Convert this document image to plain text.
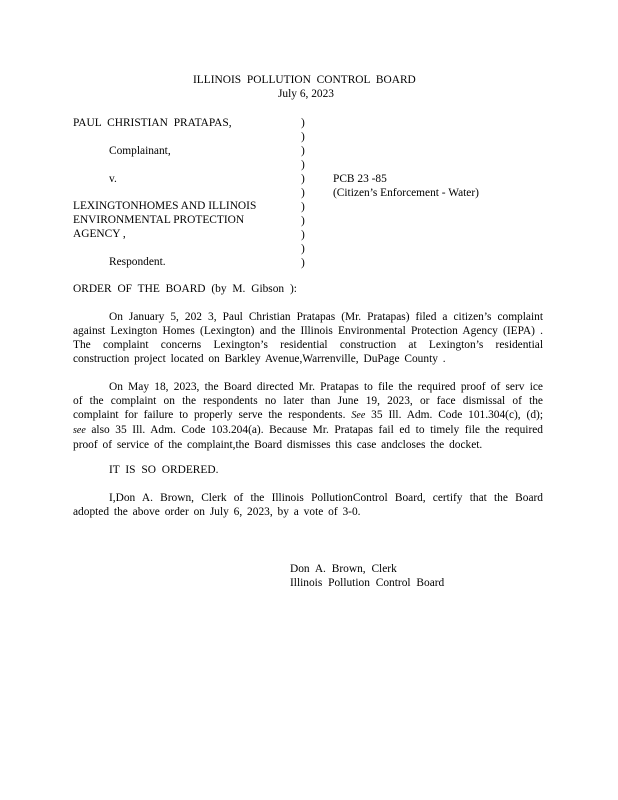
ILLINOIS POLLUTION CONTROL BOARD
July 6, 2023
PAUL CHRISTIAN PRATAPAS,
Complainant,
v.
LEXINGTONHOMES AND ILLINOIS
ENVIRONMENTAL PROTECTION
AGENCY ,
Respondent.
)
)
)
)
)
)
)
)
)
)
)
PCB 23 -85
(Citizen’s Enforcement - Water)
ORDER OF THE BOARD (by M. Gibson ):
On January 5, 202 3, Paul Christian Pratapas (Mr. Pratapas) filed a citizen’s complaint against Lexington Homes (Lexington) and the Illinois Environmental Protection Agency (IEPA) . The complaint concerns Lexington’s residential construction at Lexington’s residential construction project located on Barkley Avenue,Warrenville, DuPage County .
On May 18, 2023, the Board directed Mr. Pratapas to file the required proof of serv ice of the complaint on the respondents no later than June 19, 2023, or face dismissal of the complaint for failure to properly serve the respondents. See 35 Ill. Adm. Code 101.304(c), (d); see also 35 Ill. Adm. Code 103.204(a). Because Mr. Pratapas fail ed to timely file the required proof of service of the complaint,the Board dismisses this case andcloses the docket.
IT IS SO ORDERED.
I,Don A. Brown, Clerk of the Illinois PollutionControl Board, certify that the Board adopted the above order on July 6, 2023, by a vote of 3-0.
Don A. Brown, Clerk
Illinois Pollution Control Board
